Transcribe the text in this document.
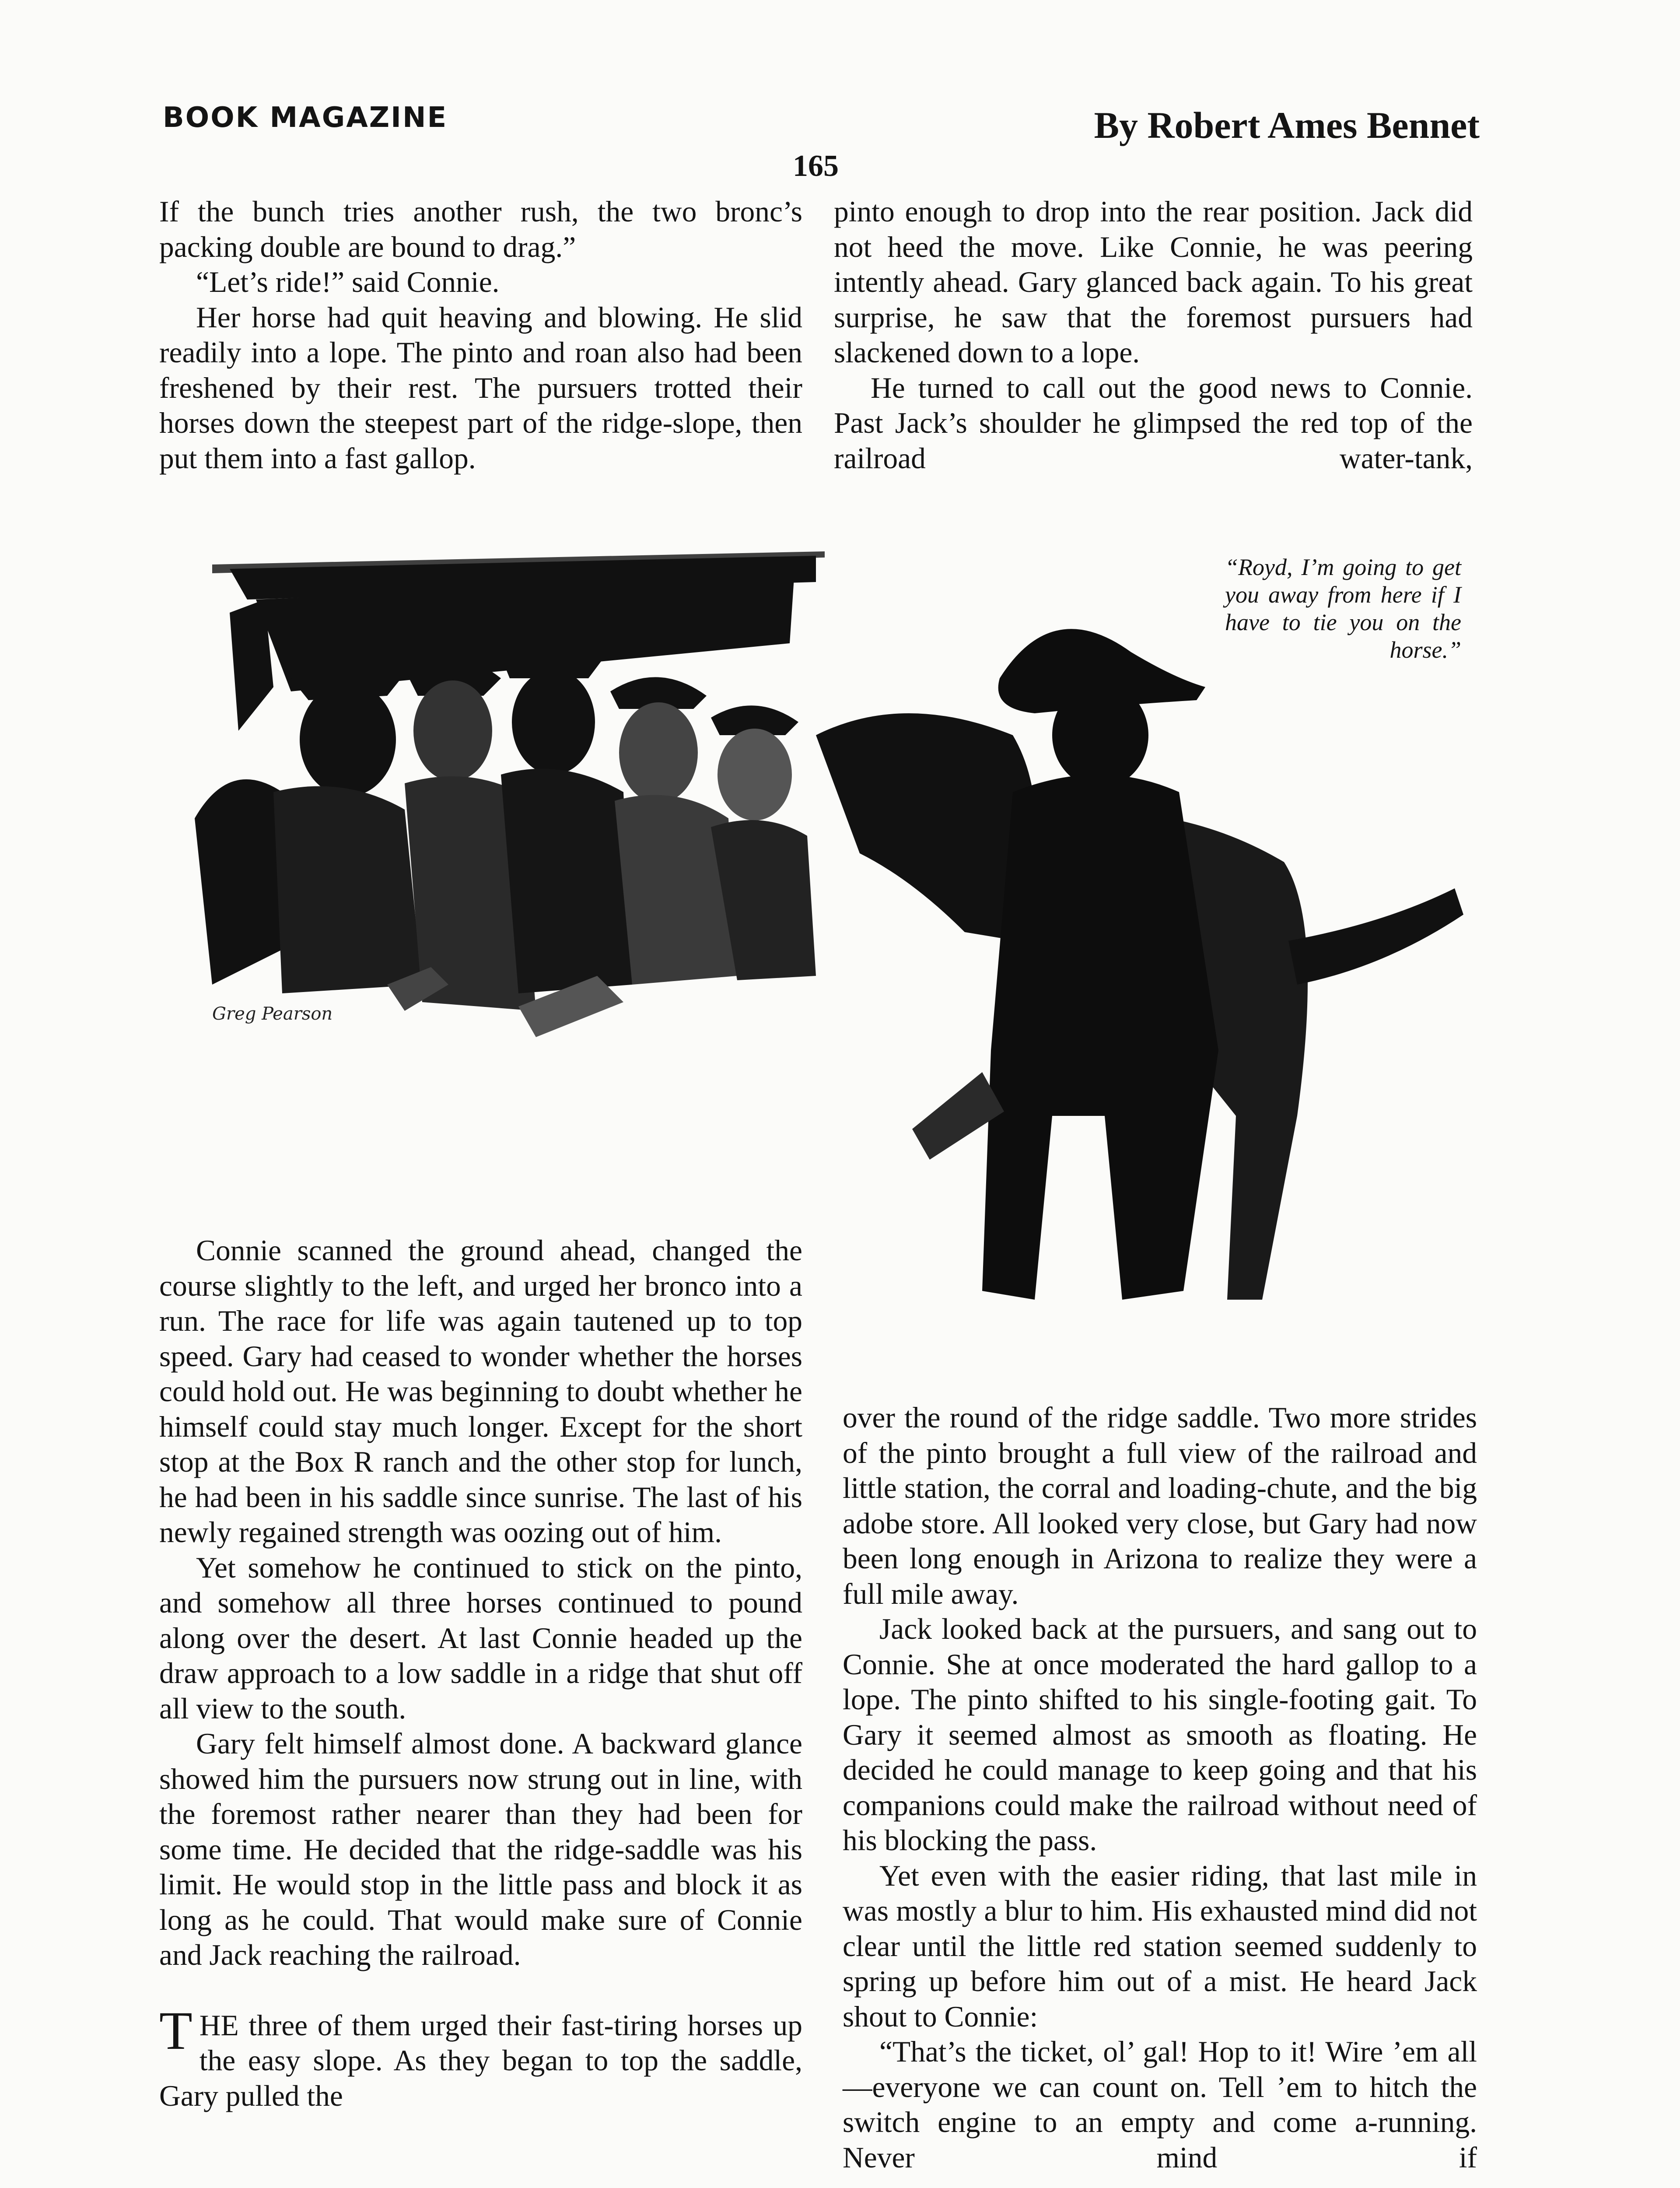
BOOK MAGAZINE	By Robert Ames Bennet
165

If the bunch tries another rush, the two bronc’s packing double are bound to drag.”

“Let’s ride!” said Connie.

Her horse had quit heaving and blowing. He slid readily into a lope. The pinto and roan also had been freshened by their rest. The pursuers trotted their horses down the steepest part of the ridge-slope, then put them into a fast gallop.

pinto enough to drop into the rear position. Jack did not heed the move. Like Connie, he was peering intently ahead. Gary glanced back again. To his great surprise, he saw that the foremost pursuers had slackened down to a lope.

He turned to call out the good news to Connie. Past Jack’s shoulder he glimpsed the red top of the railroad water-tank,

Greg Pearson
“Royd, I’m going to get you away from here if I have to tie you on the horse.”

Connie scanned the ground ahead, changed the course slightly to the left, and urged her bronco into a run. The race for life was again tautened up to top speed. Gary had ceased to wonder whether the horses could hold out. He was beginning to doubt whether he himself could stay much longer. Except for the short stop at the Box R ranch and the other stop for lunch, he had been in his saddle since sunrise. The last of his newly regained strength was oozing out of him.

Yet somehow he continued to stick on the pinto, and somehow all three horses continued to pound along over the desert. At last Connie headed up the draw approach to a low saddle in a ridge that shut off all view to the south.

Gary felt himself almost done. A backward glance showed him the pursuers now strung out in line, with the foremost rather nearer than they had been for some time. He decided that the ridge-saddle was his limit. He would stop in the little pass and block it as long as he could. That would make sure of Connie and Jack reaching the railroad.

THE three of them urged their fast-tiring horses up the easy slope. As they began to top the saddle, Gary pulled the

over the round of the ridge saddle. Two more strides of the pinto brought a full view of the railroad and little station, the corral and loading-chute, and the big adobe store. All looked very close, but Gary had now been long enough in Arizona to realize they were a full mile away.

Jack looked back at the pursuers, and sang out to Connie. She at once moderated the hard gallop to a lope. The pinto shifted to his single-footing gait. To Gary it seemed almost as smooth as floating. He decided he could manage to keep going and that his companions could make the railroad without need of his blocking the pass.

Yet even with the easier riding, that last mile in was mostly a blur to him. His exhausted mind did not clear until the little red station seemed suddenly to spring up before him out of a mist. He heard Jack shout to Connie:

“That’s the ticket, ol’ gal! Hop to it! Wire ’em all—everyone we can count on. Tell ’em to hitch the switch engine to an empty and come a-running. Never mind if
